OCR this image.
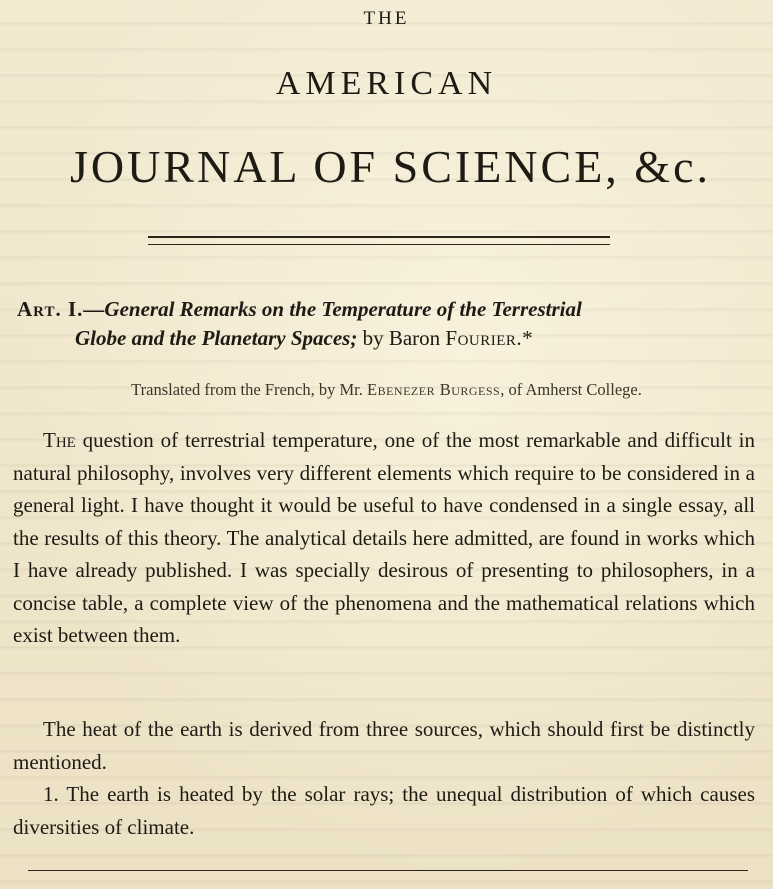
THE
AMERICAN
JOURNAL OF SCIENCE, &c.
Art. I.—General Remarks on the Temperature of the Terrestrial
Globe and the Planetary Spaces; by Baron Fourier.*
Translated from the French, by Mr. Ebenezer Burgess, of Amherst College.
The question of terrestrial temperature, one of the most remarkable and difficult in natural philosophy, involves very different elements which require to be considered in a general light. I have thought it would be useful to have condensed in a single essay, all the results of this theory. The analytical details here admitted, are found in works which I have already published. I was specially desirous of presenting to philosophers, in a concise table, a complete view of the phenomena and the mathematical relations which exist between them.
The heat of the earth is derived from three sources, which should first be distinctly mentioned.
1. The earth is heated by the solar rays; the unequal distribution of which causes diversities of climate.
